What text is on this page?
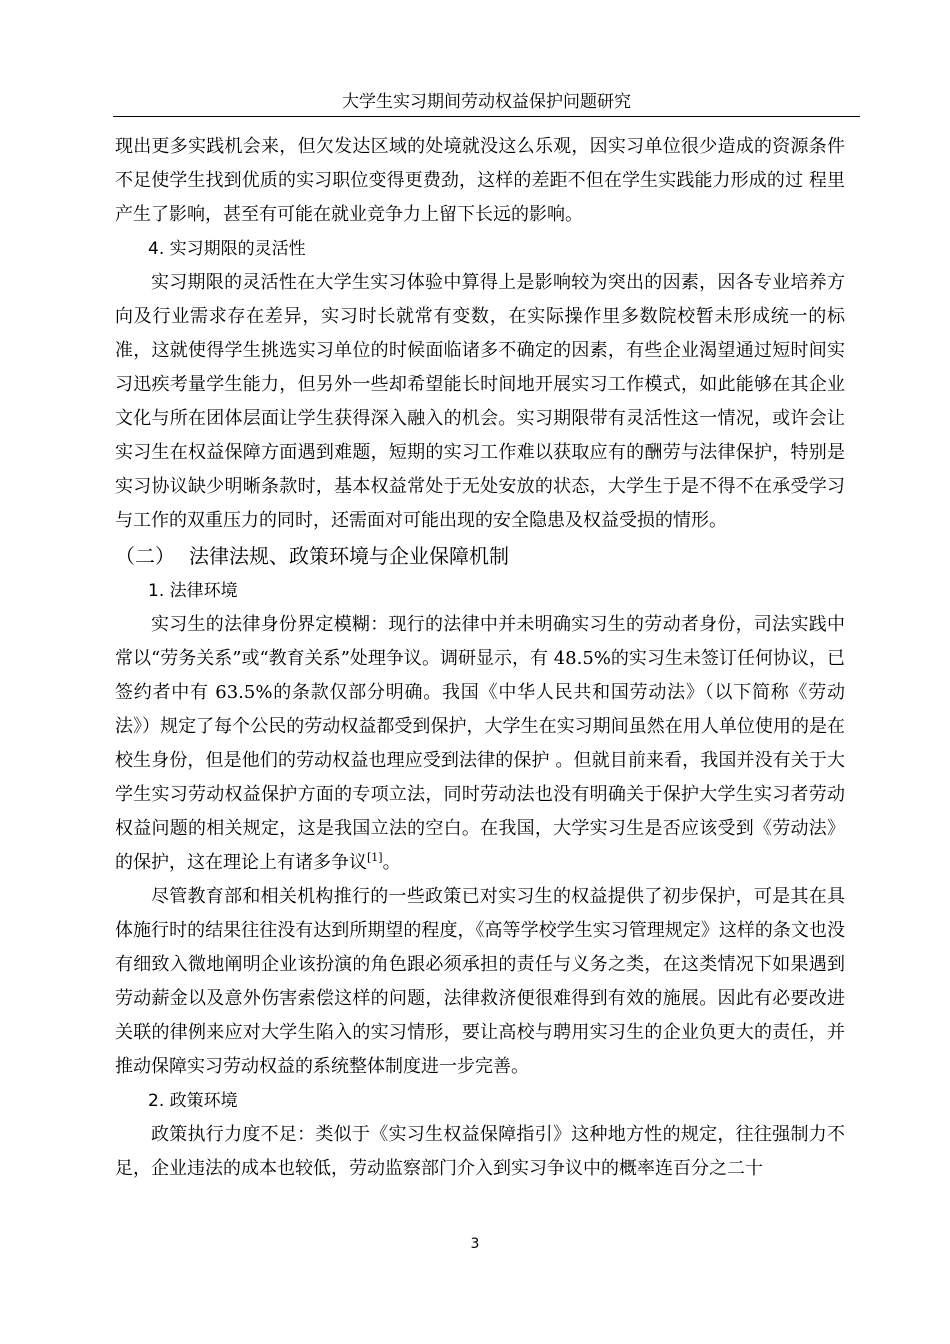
大学生实习期间劳动权益保护问题研究

现出更多实践机会来，但欠发达区域的处境就没这么乐观，因实习单位很少造成的资源条件不足使学生找到优质的实习职位变得更费劲，这样的差距不但在学生实践能力形成的过 程里产生了影响，甚至有可能在就业竞争力上留下长远的影响。

4. 实习期限的灵活性

实习期限的灵活性在大学生实习体验中算得上是影响较为突出的因素，因各专业培养方向及行业需求存在差异，实习时长就常有变数，在实际操作里多数院校暂未形成统一的标准，这就使得学生挑选实习单位的时候面临诸多不确定的因素，有些企业渴望通过短时间实习迅疾考量学生能力，但另外一些却希望能长时间地开展实习工作模式，如此能够在其企业文化与所在团体层面让学生获得深入融入的机会。实习期限带有灵活性这一情况，或许会让实习生在权益保障方面遇到难题，短期的实习工作难以获取应有的酬劳与法律保护，特别是实习协议缺少明晰条款时，基本权益常处于无处安放的状态，大学生于是不得不在承受学习与工作的双重压力的同时，还需面对可能出现的安全隐患及权益受损的情形。

（二） 法律法规、政策环境与企业保障机制

1. 法律环境

实习生的法律身份界定模糊：现行的法律中并未明确实习生的劳动者身份，司法实践中常以“劳务关系”或“教育关系”处理争议。调研显示，有 48.5%的实习生未签订任何协议，已签约者中有 63.5%的条款仅部分明确。我国《中华人民共和国劳动法》（以下简称《劳动法》）规定了每个公民的劳动权益都受到保护，大学生在实习期间虽然在用人单位使用的是在校生身份，但是他们的劳动权益也理应受到法律的保护 。但就目前来看，我国并没有关于大学生实习劳动权益保护方面的专项立法，同时劳动法也没有明确关于保护大学生实习者劳动权益问题的相关规定，这是我国立法的空白。在我国，大学实习生是否应该受到《劳动法》的保护，这在理论上有诸多争议[1]。

尽管教育部和相关机构推行的一些政策已对实习生的权益提供了初步保护，可是其在具体施行时的结果往往没有达到所期望的程度，《高等学校学生实习管理规定》这样的条文也没有细致入微地阐明企业该扮演的角色跟必须承担的责任与义务之类，在这类情况下如果遇到劳动薪金以及意外伤害索偿这样的问题，法律救济便很难得到有效的施展。因此有必要改进关联的律例来应对大学生陷入的实习情形，要让高校与聘用实习生的企业负更大的责任，并推动保障实习劳动权益的系统整体制度进一步完善。

2. 政策环境

政策执行力度不足：类似于《实习生权益保障指引》这种地方性的规定，往往强制力不足，企业违法的成本也较低，劳动监察部门介入到实习争议中的概率连百分之二十

3
